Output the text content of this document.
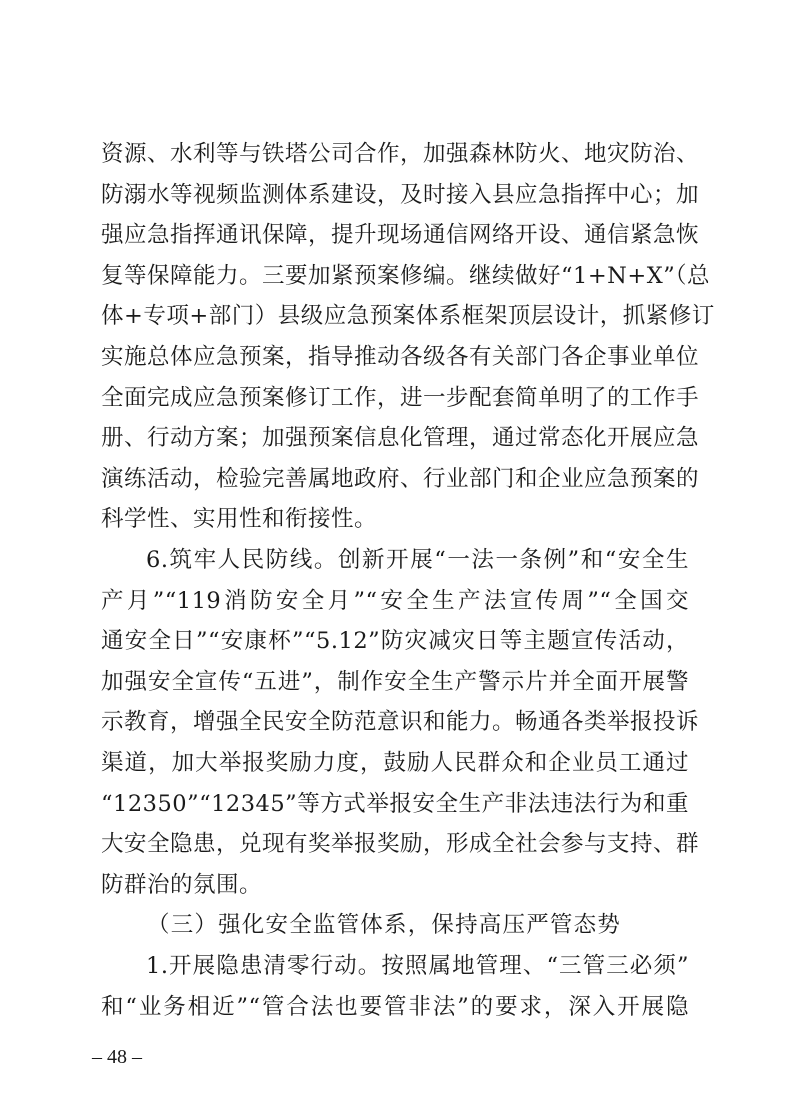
资源、水利等与铁塔公司合作，加强森林防火、地灾防治、
防溺水等视频监测体系建设，及时接入县应急指挥中心；加
强应急指挥通讯保障，提升现场通信网络开设、通信紧急恢
复等保障能力。三要加紧预案修编。继续做好“1+N+X”（总
体+专项+部门）县级应急预案体系框架顶层设计，抓紧修订
实施总体应急预案，指导推动各级各有关部门各企事业单位
全面完成应急预案修订工作，进一步配套简单明了的工作手
册、行动方案；加强预案信息化管理，通过常态化开展应急
演练活动，检验完善属地政府、行业部门和企业应急预案的
科学性、实用性和衔接性。
6.筑牢人民防线。创新开展“一法一条例”和“安全生
产月”“119消防安全月”“安全生产法宣传周”“全国交
通安全日”“安康杯”“5.12”防灾减灾日等主题宣传活动，
加强安全宣传“五进”，制作安全生产警示片并全面开展警
示教育，增强全民安全防范意识和能力。畅通各类举报投诉
渠道，加大举报奖励力度，鼓励人民群众和企业员工通过
“12350”“12345”等方式举报安全生产非法违法行为和重
大安全隐患，兑现有奖举报奖励，形成全社会参与支持、群
防群治的氛围。
（三）强化安全监管体系，保持高压严管态势
1.开展隐患清零行动。按照属地管理、“三管三必须”
和“业务相近”“管合法也要管非法”的要求，深入开展隐
– 48 –
